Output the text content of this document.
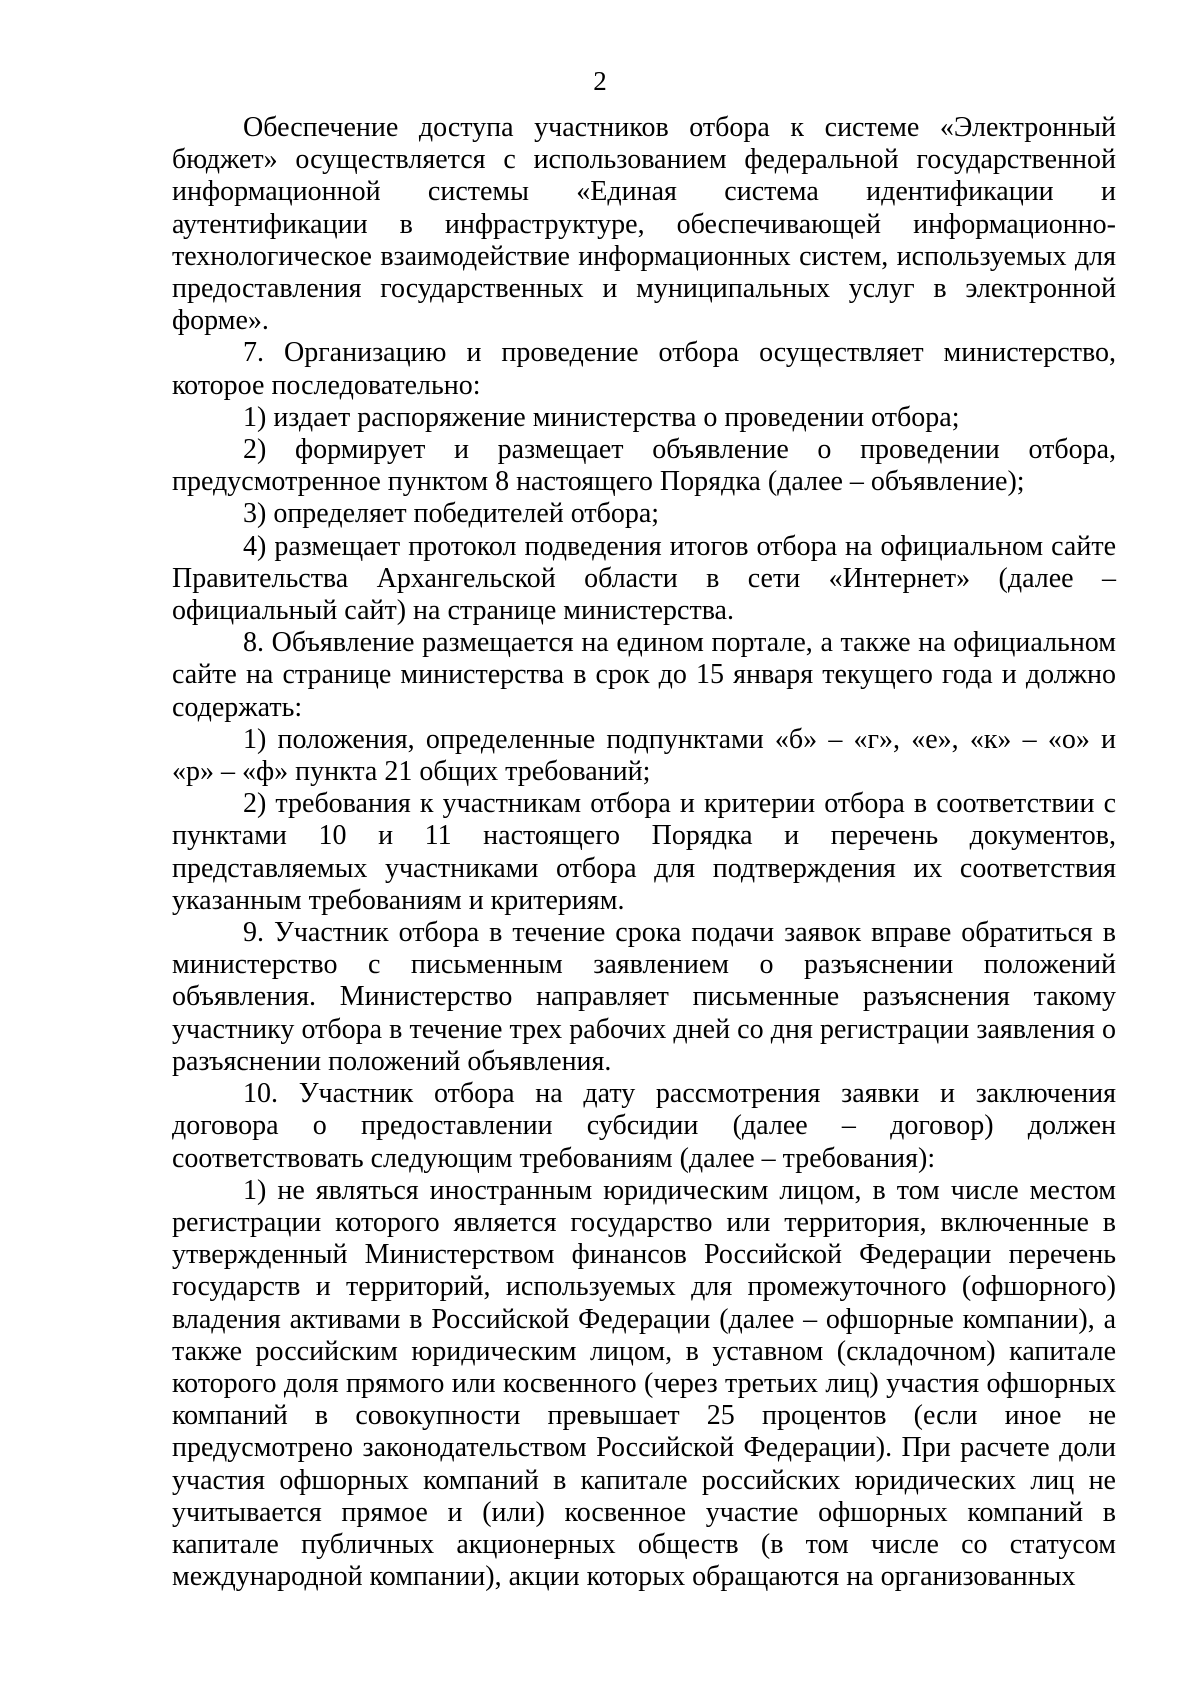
2

Обеспечение доступа участников отбора к системе «Электронный бюджет» осуществляется с использованием федеральной государственной информационной системы «Единая система идентификации и аутентификации в инфраструктуре, обеспечивающей информационно-технологическое взаимодействие информационных систем, используемых для предоставления государственных и муниципальных услуг в электронной форме».

7. Организацию и проведение отбора осуществляет министерство, которое последовательно:

1) издает распоряжение министерства о проведении отбора;

2) формирует и размещает объявление о проведении отбора, предусмотренное пунктом 8 настоящего Порядка (далее – объявление);

3) определяет победителей отбора;

4) размещает протокол подведения итогов отбора на официальном сайте Правительства Архангельской области в сети «Интернет» (далее – официальный сайт) на странице министерства.

8. Объявление размещается на едином портале, а также на официальном сайте на странице министерства в срок до 15 января текущего года и должно содержать:

1) положения, определенные подпунктами «б» – «г», «е», «к» – «о» и «р» – «ф» пункта 21 общих требований;

2) требования к участникам отбора и критерии отбора в соответствии с пунктами 10 и 11 настоящего Порядка и перечень документов, представляемых участниками отбора для подтверждения их соответствия указанным требованиям и критериям.

9. Участник отбора в течение срока подачи заявок вправе обратиться в министерство с письменным заявлением о разъяснении положений объявления. Министерство направляет письменные разъяснения такому участнику отбора в течение трех рабочих дней со дня регистрации заявления о разъяснении положений объявления.

10. Участник отбора на дату рассмотрения заявки и заключения договора о предоставлении субсидии (далее – договор) должен соответствовать следующим требованиям (далее – требования):

1) не являться иностранным юридическим лицом, в том числе местом регистрации которого является государство или территория, включенные в утвержденный Министерством финансов Российской Федерации перечень государств и территорий, используемых для промежуточного (офшорного) владения активами в Российской Федерации (далее – офшорные компании), а также российским юридическим лицом, в уставном (складочном) капитале которого доля прямого или косвенного (через третьих лиц) участия офшорных компаний в совокупности превышает 25 процентов (если иное не предусмотрено законодательством Российской Федерации). При расчете доли участия офшорных компаний в капитале российских юридических лиц не учитывается прямое и (или) косвенное участие офшорных компаний в капитале публичных акционерных обществ (в том числе со статусом международной компании), акции которых обращаются на организованных
